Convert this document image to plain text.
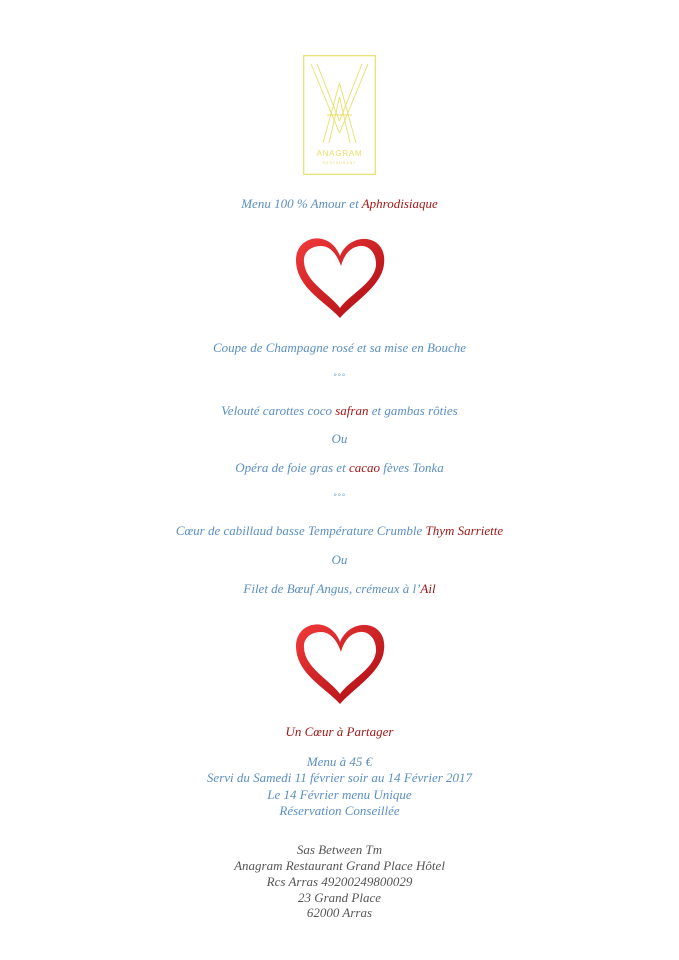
ANAGRAM
RESTAURANT
Menu 100 % Amour et Aphrodisiaque
Coupe de Champagne rosé et sa mise en Bouche
°°°
Velouté carottes coco safran et gambas rôties
Ou
Opéra de foie gras et cacao fèves Tonka
°°°
Cœur de cabillaud basse Température Crumble Thym Sarriette
Ou
Filet de Bœuf Angus, crémeux à l’Ail
Un Cœur à Partager
Menu à 45 €
Servi du Samedi 11 février soir au 14 Février 2017
Le 14 Février menu Unique
Réservation Conseillée
Sas Between Tm
Anagram Restaurant Grand Place Hôtel
Rcs Arras 49200249800029
23 Grand Place
62000 Arras
